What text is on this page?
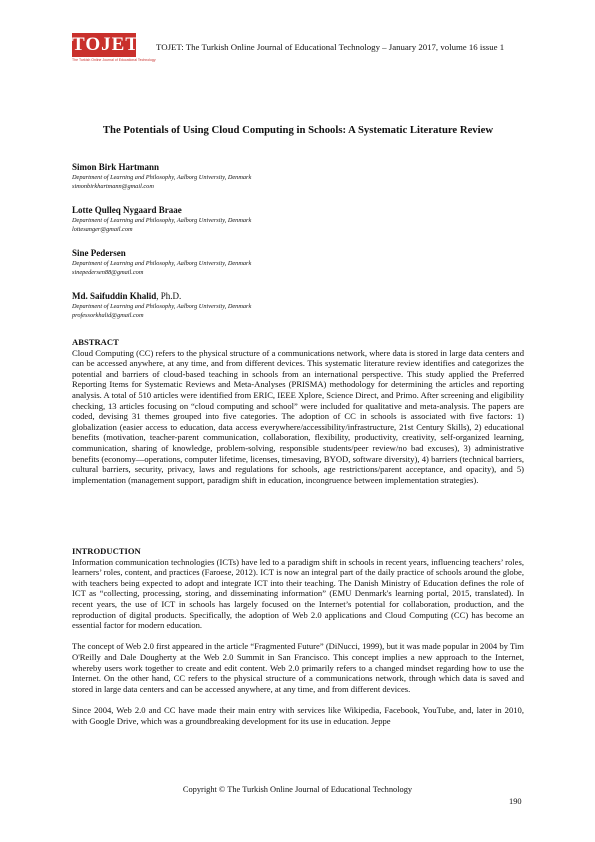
TOJET
The Turkish Online Journal of Educational Technology
TOJET: The Turkish Online Journal of Educational Technology – January 2017, volume 16 issue 1
The Potentials of Using Cloud Computing in Schools: A Systematic Literature Review
Simon Birk Hartmann
Department of Learning and Philosophy, Aalborg University, Denmark
simonbirkhartmann@gmail.com
Lotte Qulleq Nygaard Braae
Department of Learning and Philosophy, Aalborg University, Denmark
lottesanger@gmail.com
Sine Pedersen
Department of Learning and Philosophy, Aalborg University, Denmark
sinepedersen88@gmail.com
Md. Saifuddin Khalid, Ph.D.
Department of Learning and Philosophy, Aalborg University, Denmark
professorkhalid@gmail.com
ABSTRACT

Cloud Computing (CC) refers to the physical structure of a communications network, where data is stored in large data centers and can be accessed anywhere, at any time, and from different devices. This systematic literature review identifies and categorizes the potential and barriers of cloud-based teaching in schools from an international perspective. This study applied the Preferred Reporting Items for Systematic Reviews and Meta-Analyses (PRISMA) methodology for determining the articles and reporting analysis. A total of 510 articles were identified from ERIC, IEEE Xplore, Science Direct, and Primo. After screening and eligibility checking, 13 articles focusing on “cloud computing and school” were included for qualitative and meta-analysis. The papers are coded, devising 31 themes grouped into five categories. The adoption of CC in schools is associated with five factors: 1) globalization (easier access to education, data access everywhere/accessibility/infrastructure, 21st Century Skills), 2) educational benefits (motivation, teacher-parent communication, collaboration, flexibility, productivity, creativity, self-organized learning, communication, sharing of knowledge, problem-solving, responsible students/peer review/no bad excuses), 3) administrative benefits (economy—operations, computer lifetime, licenses, timesaving, BYOD, software diversity), 4) barriers (technical barriers, cultural barriers, security, privacy, laws and regulations for schools, age restrictions/parent acceptance, and opacity), and 5) implementation (management support, paradigm shift in education, incongruence between implementation strategies).

INTRODUCTION

Information communication technologies (ICTs) have led to a paradigm shift in schools in recent years, influencing teachers’ roles, learners’ roles, content, and practices (Faroese, 2012). ICT is now an integral part of the daily practice of schools around the globe, with teachers being expected to adopt and integrate ICT into their teaching. The Danish Ministry of Education defines the role of ICT as “collecting, processing, storing, and disseminating information” (EMU Denmark's learning portal, 2015, translated). In recent years, the use of ICT in schools has largely focused on the Internet’s potential for collaboration, production, and the reproduction of digital products. Specifically, the adoption of Web 2.0 applications and Cloud Computing (CC) has become an essential factor for modern education.

The concept of Web 2.0 first appeared in the article “Fragmented Future” (DiNucci, 1999), but it was made popular in 2004 by Tim O'Reilly and Dale Dougherty at the Web 2.0 Summit in San Francisco. This concept implies a new approach to the Internet, whereby users work together to create and edit content. Web 2.0 primarily refers to a changed mindset regarding how to use the Internet. On the other hand, CC refers to the physical structure of a communications network, through which data is saved and stored in large data centers and can be accessed anywhere, at any time, and from different devices.

Since 2004, Web 2.0 and CC have made their main entry with services like Wikipedia, Facebook, YouTube, and, later in 2010, with Google Drive, which was a groundbreaking development for its use in education. Jeppe

Copyright © The Turkish Online Journal of Educational Technology
190
